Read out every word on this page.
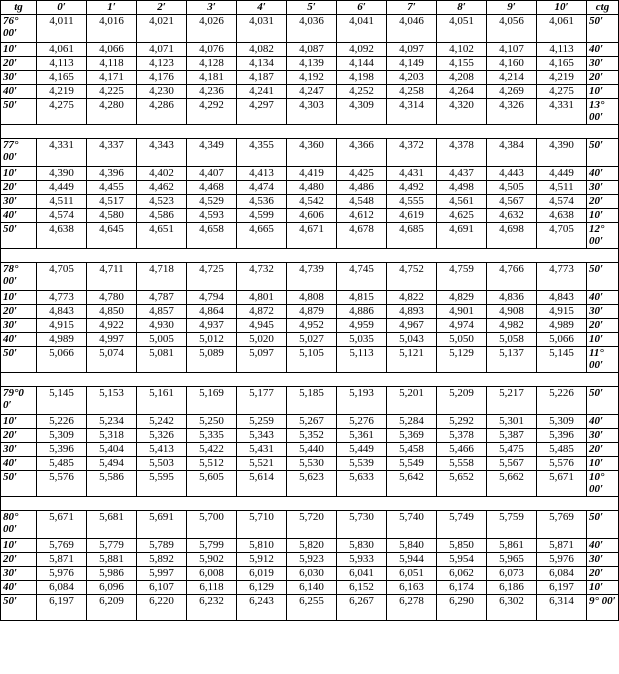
tg	0′	1′	2′	3′	4′	5′	6′	7′	8′	9′	10′	ctg
76° 00′	4,011	4,016	4,021	4,026	4,031	4,036	4,041	4,046	4,051	4,056	4,061	50′
10′	4,061	4,066	4,071	4,076	4,082	4,087	4,092	4,097	4,102	4,107	4,113	40′
20′	4,113	4,118	4,123	4,128	4,134	4,139	4,144	4,149	4,155	4,160	4,165	30′
30′	4,165	4,171	4,176	4,181	4,187	4,192	4,198	4,203	4,208	4,214	4,219	20′
40′	4,219	4,225	4,230	4,236	4,241	4,247	4,252	4,258	4,264	4,269	4,275	10′
50′	4,275	4,280	4,286	4,292	4,297	4,303	4,309	4,314	4,320	4,326	4,331	13° 00′

77° 00′	4,331	4,337	4,343	4,349	4,355	4,360	4,366	4,372	4,378	4,384	4,390	50′
10′	4,390	4,396	4,402	4,407	4,413	4,419	4,425	4,431	4,437	4,443	4,449	40′
20′	4,449	4,455	4,462	4,468	4,474	4,480	4,486	4,492	4,498	4,505	4,511	30′
30′	4,511	4,517	4,523	4,529	4,536	4,542	4,548	4,555	4,561	4,567	4,574	20′
40′	4,574	4,580	4,586	4,593	4,599	4,606	4,612	4,619	4,625	4,632	4,638	10′
50′	4,638	4,645	4,651	4,658	4,665	4,671	4,678	4,685	4,691	4,698	4,705	12° 00′

78° 00′	4,705	4,711	4,718	4,725	4,732	4,739	4,745	4,752	4,759	4,766	4,773	50′
10′	4,773	4,780	4,787	4,794	4,801	4,808	4,815	4,822	4,829	4,836	4,843	40′
20′	4,843	4,850	4,857	4,864	4,872	4,879	4,886	4,893	4,901	4,908	4,915	30′
30′	4,915	4,922	4,930	4,937	4,945	4,952	4,959	4,967	4,974	4,982	4,989	20′
40′	4,989	4,997	5,005	5,012	5,020	5,027	5,035	5,043	5,050	5,058	5,066	10′
50′	5,066	5,074	5,081	5,089	5,097	5,105	5,113	5,121	5,129	5,137	5,145	11° 00′

79°0 0′	5,145	5,153	5,161	5,169	5,177	5,185	5,193	5,201	5,209	5,217	5,226	50′
10′	5,226	5,234	5,242	5,250	5,259	5,267	5,276	5,284	5,292	5,301	5,309	40′
20′	5,309	5,318	5,326	5,335	5,343	5,352	5,361	5,369	5,378	5,387	5,396	30′
30′	5,396	5,404	5,413	5,422	5,431	5,440	5,449	5,458	5,466	5,475	5,485	20′
40′	5,485	5,494	5,503	5,512	5,521	5,530	5,539	5,549	5,558	5,567	5,576	10′
50′	5,576	5,586	5,595	5,605	5,614	5,623	5,633	5,642	5,652	5,662	5,671	10° 00′

80° 00′	5,671	5,681	5,691	5,700	5,710	5,720	5,730	5,740	5,749	5,759	5,769	50′
10′	5,769	5,779	5,789	5,799	5,810	5,820	5,830	5,840	5,850	5,861	5,871	40′
20′	5,871	5,881	5,892	5,902	5,912	5,923	5,933	5,944	5,954	5,965	5,976	30′
30′	5,976	5,986	5,997	6,008	6,019	6,030	6,041	6,051	6,062	6,073	6,084	20′
40′	6,084	6,096	6,107	6,118	6,129	6,140	6,152	6,163	6,174	6,186	6,197	10′
50′	6,197	6,209	6,220	6,232	6,243	6,255	6,267	6,278	6,290	6,302	6,314	9° 00′
